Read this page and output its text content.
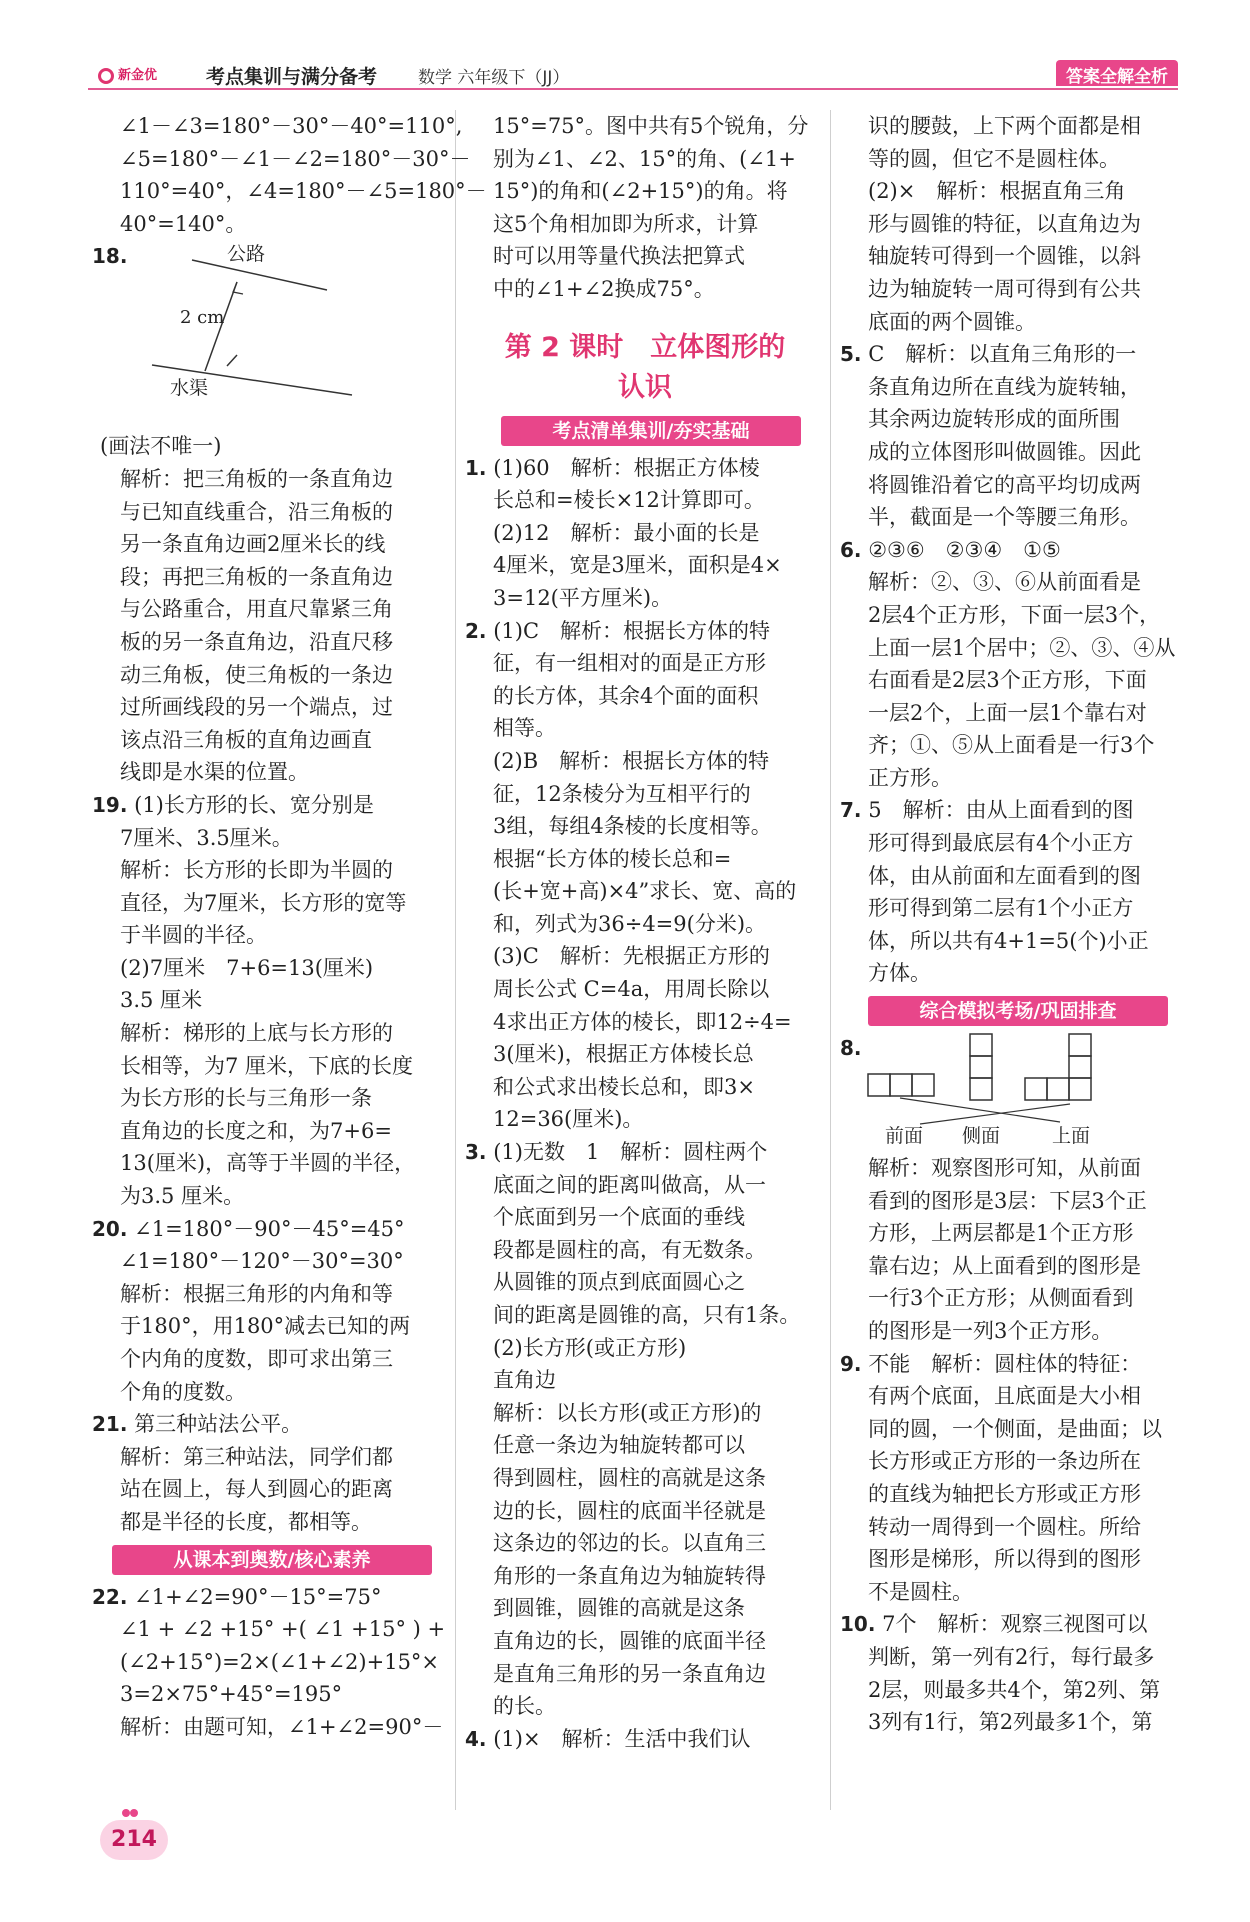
新金优	考点集训与满分备考 数学 六年级下（JJ）	答案全解全析
∠1－∠3=180°－30°－40°=110°,
∠5=180°－∠1－∠2=180°－30°－
110°=40°，∠4=180°－∠5=180°－
40°=140°。
18.	公路
2 cm
水渠
(画法不唯一)
解析：把三角板的一条直角边
与已知直线重合，沿三角板的
另一条直角边画2厘米长的线
段；再把三角板的一条直角边
与公路重合，用直尺靠紧三角
板的另一条直角边，沿直尺移
动三角板，使三角板的一条边
过所画线段的另一个端点，过
该点沿三角板的直角边画直
线即是水渠的位置。
19. (1)长方形的长、宽分别是
7厘米、3.5厘米。
解析：长方形的长即为半圆的
直径，为7厘米，长方形的宽等
于半圆的半径。
(2)7厘米　7+6=13(厘米)
3.5 厘米
解析：梯形的上底与长方形的
长相等，为7 厘米，下底的长度
为长方形的长与三角形一条
直角边的长度之和，为7+6=
13(厘米)，高等于半圆的半径，
为3.5 厘米。
20. ∠1=180°－90°－45°=45°
∠1=180°－120°－30°=30°
解析：根据三角形的内角和等
于180°，用180°减去已知的两
个内角的度数，即可求出第三
个角的度数。
21. 第三种站法公平。
解析：第三种站法，同学们都
站在圆上，每人到圆心的距离
都是半径的长度，都相等。
从课本到奥数/核心素养
22. ∠1+∠2=90°－15°=75°
∠1 + ∠2 +15° +( ∠1 +15° ) +
(∠2+15°)=2×(∠1+∠2)+15°×
3=2×75°+45°=195°
解析：由题可知，∠1+∠2=90°－
15°=75°。图中共有5个锐角，分
别为∠1、∠2、15°的角、(∠1+
15°)的角和(∠2+15°)的角。将
这5个角相加即为所求，计算
时可以用等量代换法把算式
中的∠1+∠2换成75°。
第 2 课时　立体图形的
认识
考点清单集训/夯实基础
1. (1)60　解析：根据正方体棱
长总和=棱长×12计算即可。
(2)12　解析：最小面的长是
4厘米，宽是3厘米，面积是4×
3=12(平方厘米)。
2. (1)C　解析：根据长方体的特
征，有一组相对的面是正方形
的长方体，其余4个面的面积
相等。
(2)B　解析：根据长方体的特
征，12条棱分为互相平行的
3组，每组4条棱的长度相等。
根据“长方体的棱长总和=
(长+宽+高)×4”求长、宽、高的
和，列式为36÷4=9(分米)。
(3)C　解析：先根据正方形的
周长公式 C=4a，用周长除以
4求出正方体的棱长，即12÷4=
3(厘米)，根据正方体棱长总
和公式求出棱长总和，即3×
12=36(厘米)。
3. (1)无数　1　解析：圆柱两个
底面之间的距离叫做高，从一
个底面到另一个底面的垂线
段都是圆柱的高，有无数条。
从圆锥的顶点到底面圆心之
间的距离是圆锥的高，只有1条。
(2)长方形(或正方形)
直角边
解析：以长方形(或正方形)的
任意一条边为轴旋转都可以
得到圆柱，圆柱的高就是这条
边的长，圆柱的底面半径就是
这条边的邻边的长。以直角三
角形的一条直角边为轴旋转得
到圆锥，圆锥的高就是这条
直角边的长，圆锥的底面半径
是直角三角形的另一条直角边
的长。
4. (1)×　解析：生活中我们认
识的腰鼓，上下两个面都是相
等的圆，但它不是圆柱体。
(2)×　解析：根据直角三角
形与圆锥的特征，以直角边为
轴旋转可得到一个圆锥，以斜
边为轴旋转一周可得到有公共
底面的两个圆锥。
5. C　解析：以直角三角形的一
条直角边所在直线为旋转轴，
其余两边旋转形成的面所围
成的立体图形叫做圆锥。因此
将圆锥沿着它的高平均切成两
半，截面是一个等腰三角形。
6. ②③⑥　②③④　①⑤
解析：②、③、⑥从前面看是
2层4个正方形，下面一层3个，
上面一层1个居中；②、③、④从
右面看是2层3个正方形，下面
一层2个，上面一层1个靠右对
齐；①、⑤从上面看是一行3个
正方形。
7. 5　解析：由从上面看到的图
形可得到最底层有4个小正方
体，由从前面和左面看到的图
形可得到第二层有1个小正方
体，所以共有4+1=5(个)小正
方体。
综合模拟考场/巩固排查
8.
前面 侧面	上面
解析：观察图形可知，从前面
看到的图形是3层：下层3个正
方形，上两层都是1个正方形
靠右边；从上面看到的图形是
一行3个正方形；从侧面看到
的图形是一列3个正方形。
9. 不能　解析：圆柱体的特征：
有两个底面，且底面是大小相
同的圆，一个侧面，是曲面；以
长方形或正方形的一条边所在
的直线为轴把长方形或正方形
转动一周得到一个圆柱。所给
图形是梯形，所以得到的图形
不是圆柱。
10. 7个　解析：观察三视图可以
判断，第一列有2行，每行最多
2层，则最多共4个，第2列、第
3列有1行，第2列最多1个，第
214
